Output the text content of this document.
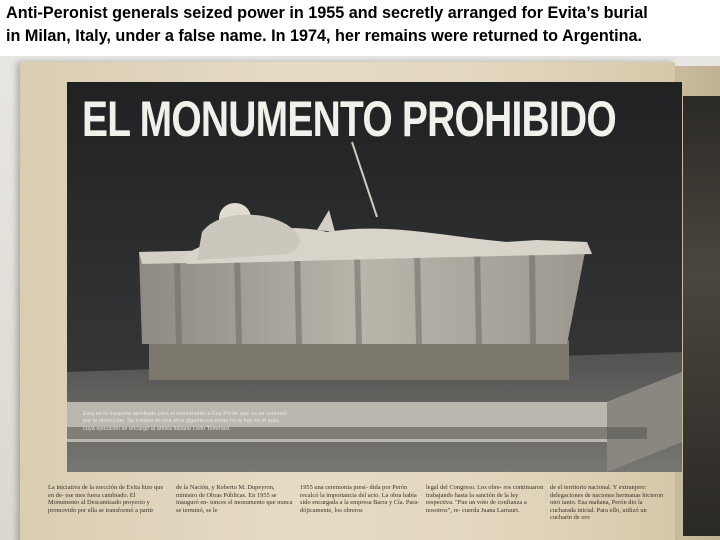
Anti-Peronist generals seized power in 1955 and secretly arranged for Evita’s burial

in Milan, Italy, under a false name. In 1974, her remains were returned to Argentina.

EL MONUMENTO PROHIBIDO
Esta es la maqueta aprobada para el monumento a Eva Perón que no se concretó por la revolución. Se trataba de una obra gigantesca como no la hay en el país, cuya ejecución se encargó al artista italiano León Tommasi.
La iniciativa de la erección de Evita hizo que en de- ese mes fuera cambiado. El Monumento al Descamisado proyecto y promovido por ella se transformó a partir
de la Nación, y Roberto M. Dupeyron, ministro de Obras Públicas. En 1955 se inauguró en- tonces el monumento que nunca se terminó, se le
1955 una ceremonia presi- dida por Perón recalcó la importancia del acto. La obra había sido encargada a la empresa Barra y Cía. Para- dójicamente, los obreros
legal del Congreso. Los obre- ros continuaron trabajando hasta la sanción de la ley respectiva. "Fue un voto de confianza a nosotros", re- cuerda Juana Larrauri.
de el territorio nacional. Y extranjero: delegaciones de naciones hermanas hicieron otro tanto. Esa mañana, Perón dio la cucharada inicial. Para ello, utilizó un cucharín de oro
